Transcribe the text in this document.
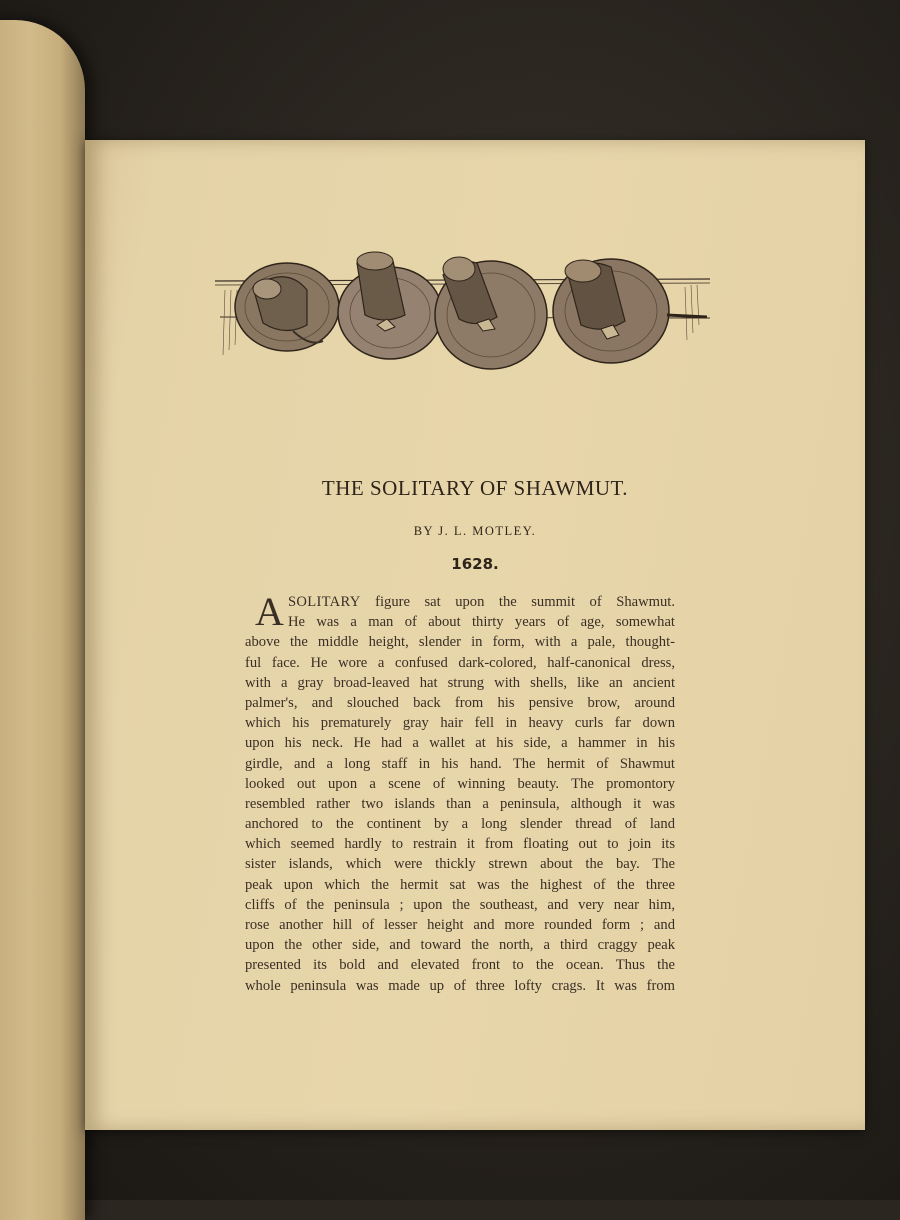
THE SOLITARY OF SHAWMUT.
BY J. L. MOTLEY.
1628.
A SOLITARY figure sat upon the summit of Shawmut.
He was a man of about thirty years of age, somewhat
above the middle height, slender in form, with a pale, thought-
ful face. He wore a confused dark-colored, half-canonical dress,
with a gray broad-leaved hat strung with shells, like an ancient
palmer's, and slouched back from his pensive brow, around
which his prematurely gray hair fell in heavy curls far down
upon his neck. He had a wallet at his side, a hammer in his
girdle, and a long staff in his hand. The hermit of Shawmut
looked out upon a scene of winning beauty. The promontory
resembled rather two islands than a peninsula, although it was
anchored to the continent by a long slender thread of land
which seemed hardly to restrain it from floating out to join its
sister islands, which were thickly strewn about the bay. The
peak upon which the hermit sat was the highest of the three
cliffs of the peninsula ; upon the southeast, and very near him,
rose another hill of lesser height and more rounded form ; and
upon the other side, and toward the north, a third craggy peak
presented its bold and elevated front to the ocean. Thus the
whole peninsula was made up of three lofty crags. It was from
